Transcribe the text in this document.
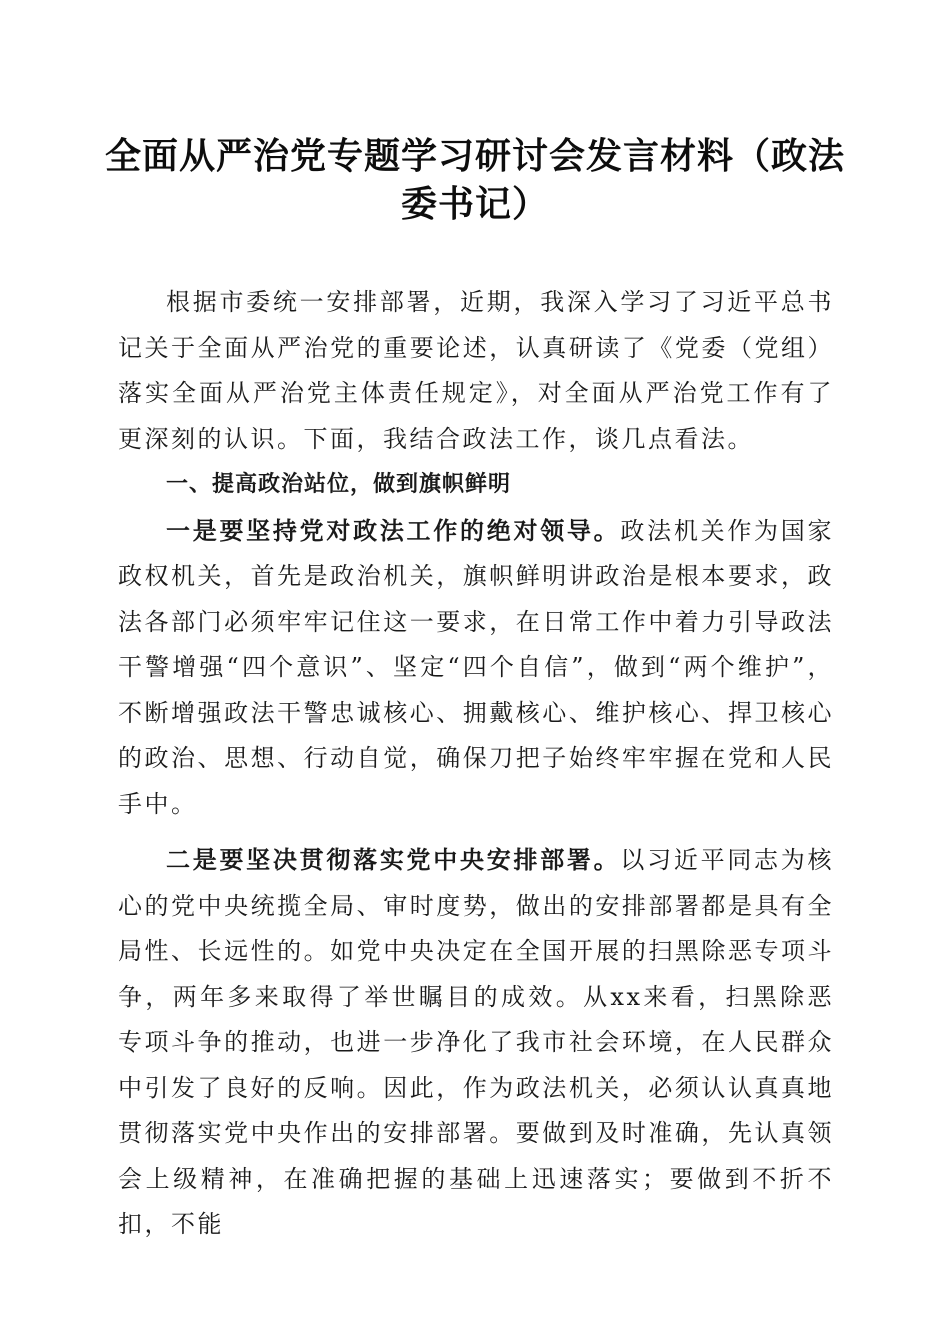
全面从严治党专题学习研讨会发言材料（政法
委书记）

根据市委统一安排部署，近期，我深入学习了习近平总书记关于全面从严治党的重要论述，认真研读了《党委（党组）落实全面从严治党主体责任规定》，对全面从严治党工作有了更深刻的认识。下面，我结合政法工作，谈几点看法。

一、提高政治站位，做到旗帜鲜明

一是要坚持党对政法工作的绝对领导。政法机关作为国家政权机关，首先是政治机关，旗帜鲜明讲政治是根本要求，政法各部门必须牢牢记住这一要求，在日常工作中着力引导政法干警增强“四个意识”、坚定“四个自信”，做到“两个维护”，不断增强政法干警忠诚核心、拥戴核心、维护核心、捍卫核心的政治、思想、行动自觉，确保刀把子始终牢牢握在党和人民手中。

二是要坚决贯彻落实党中央安排部署。以习近平同志为核心的党中央统揽全局、审时度势，做出的安排部署都是具有全局性、长远性的。如党中央决定在全国开展的扫黑除恶专项斗争，两年多来取得了举世瞩目的成效。从xx来看，扫黑除恶专项斗争的推动，也进一步净化了我市社会环境，在人民群众中引发了良好的反响。因此，作为政法机关，必须认认真真地贯彻落实党中央作出的安排部署。要做到及时准确，先认真领会上级精神，在准确把握的基础上迅速落实；要做到不折不扣，不能
